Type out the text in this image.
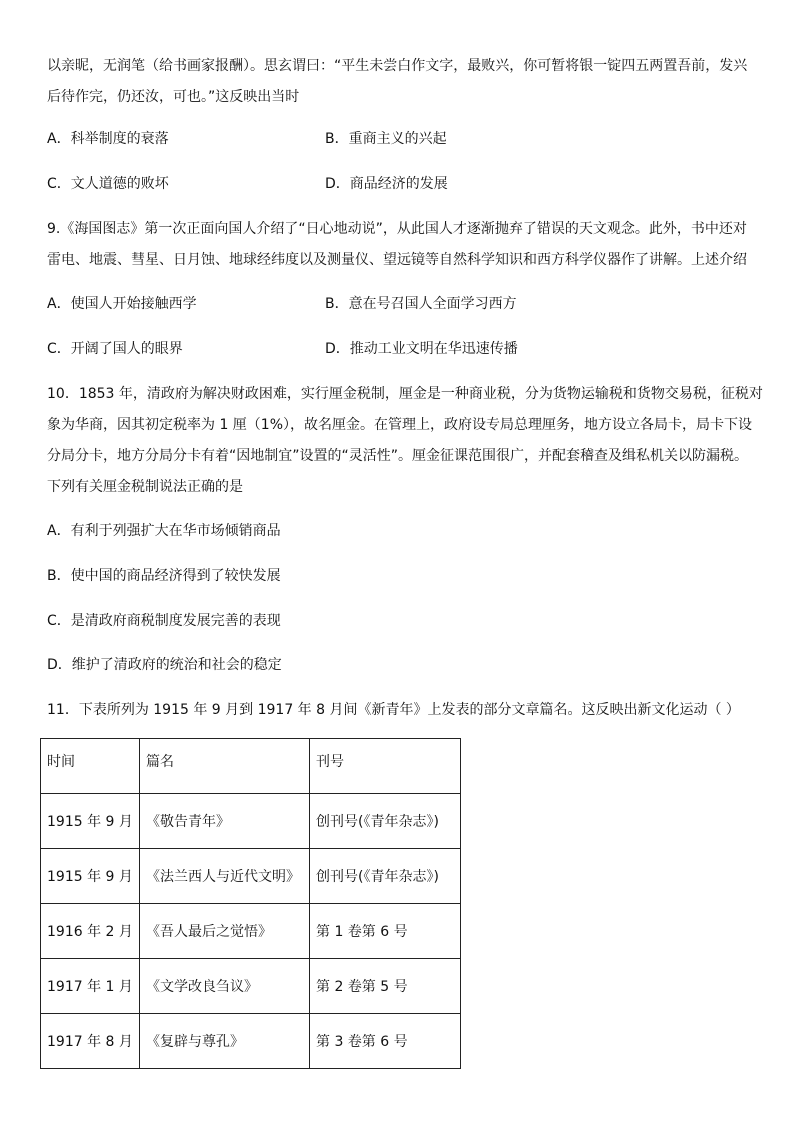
以亲昵，无润笔（给书画家报酬）。思玄谓曰：“平生未尝白作文字，最败兴，你可暂将银一锭四五两置吾前，发兴
后待作完，仍还汝，可也。”这反映出当时
A．科举制度的衰落	B．重商主义的兴起
C．文人道德的败坏	D．商品经济的发展
9.《海国图志》第一次正面向国人介绍了“日心地动说”，从此国人才逐渐抛弃了错误的天文观念。此外，书中还对
雷电、地震、彗星、日月蚀、地球经纬度以及测量仪、望远镜等自然科学知识和西方科学仪器作了讲解。上述介绍
A．使国人开始接触西学	B．意在号召国人全面学习西方
C．开阔了国人的眼界	D．推动工业文明在华迅速传播
10．1853 年，清政府为解决财政困难，实行厘金税制，厘金是一种商业税，分为货物运输税和货物交易税，征税对
象为华商，因其初定税率为 1 厘（1%），故名厘金。在管理上，政府设专局总理厘务，地方设立各局卡，局卡下设
分局分卡，地方分局分卡有着“因地制宜”设置的“灵活性”。厘金征课范围很广，并配套稽查及缉私机关以防漏税。
下列有关厘金税制说法正确的是
A．有利于列强扩大在华市场倾销商品
B．使中国的商品经济得到了较快发展
C．是清政府商税制度发展完善的表现
D．维护了清政府的统治和社会的稳定
11．下表所列为 1915 年 9 月到 1917 年 8 月间《新青年》上发表的部分文章篇名。这反映出新文化运动（ ）
时间	篇名	刊号
1915 年 9 月	《敬告青年》	创刊号(《青年杂志》)
1915 年 9 月	《法兰西人与近代文明》	创刊号(《青年杂志》)
1916 年 2 月	《吾人最后之觉悟》	第 1 卷第 6 号
1917 年 1 月	《文学改良刍议》	第 2 卷第 5 号
1917 年 8 月	《复辟与尊孔》	第 3 卷第 6 号
